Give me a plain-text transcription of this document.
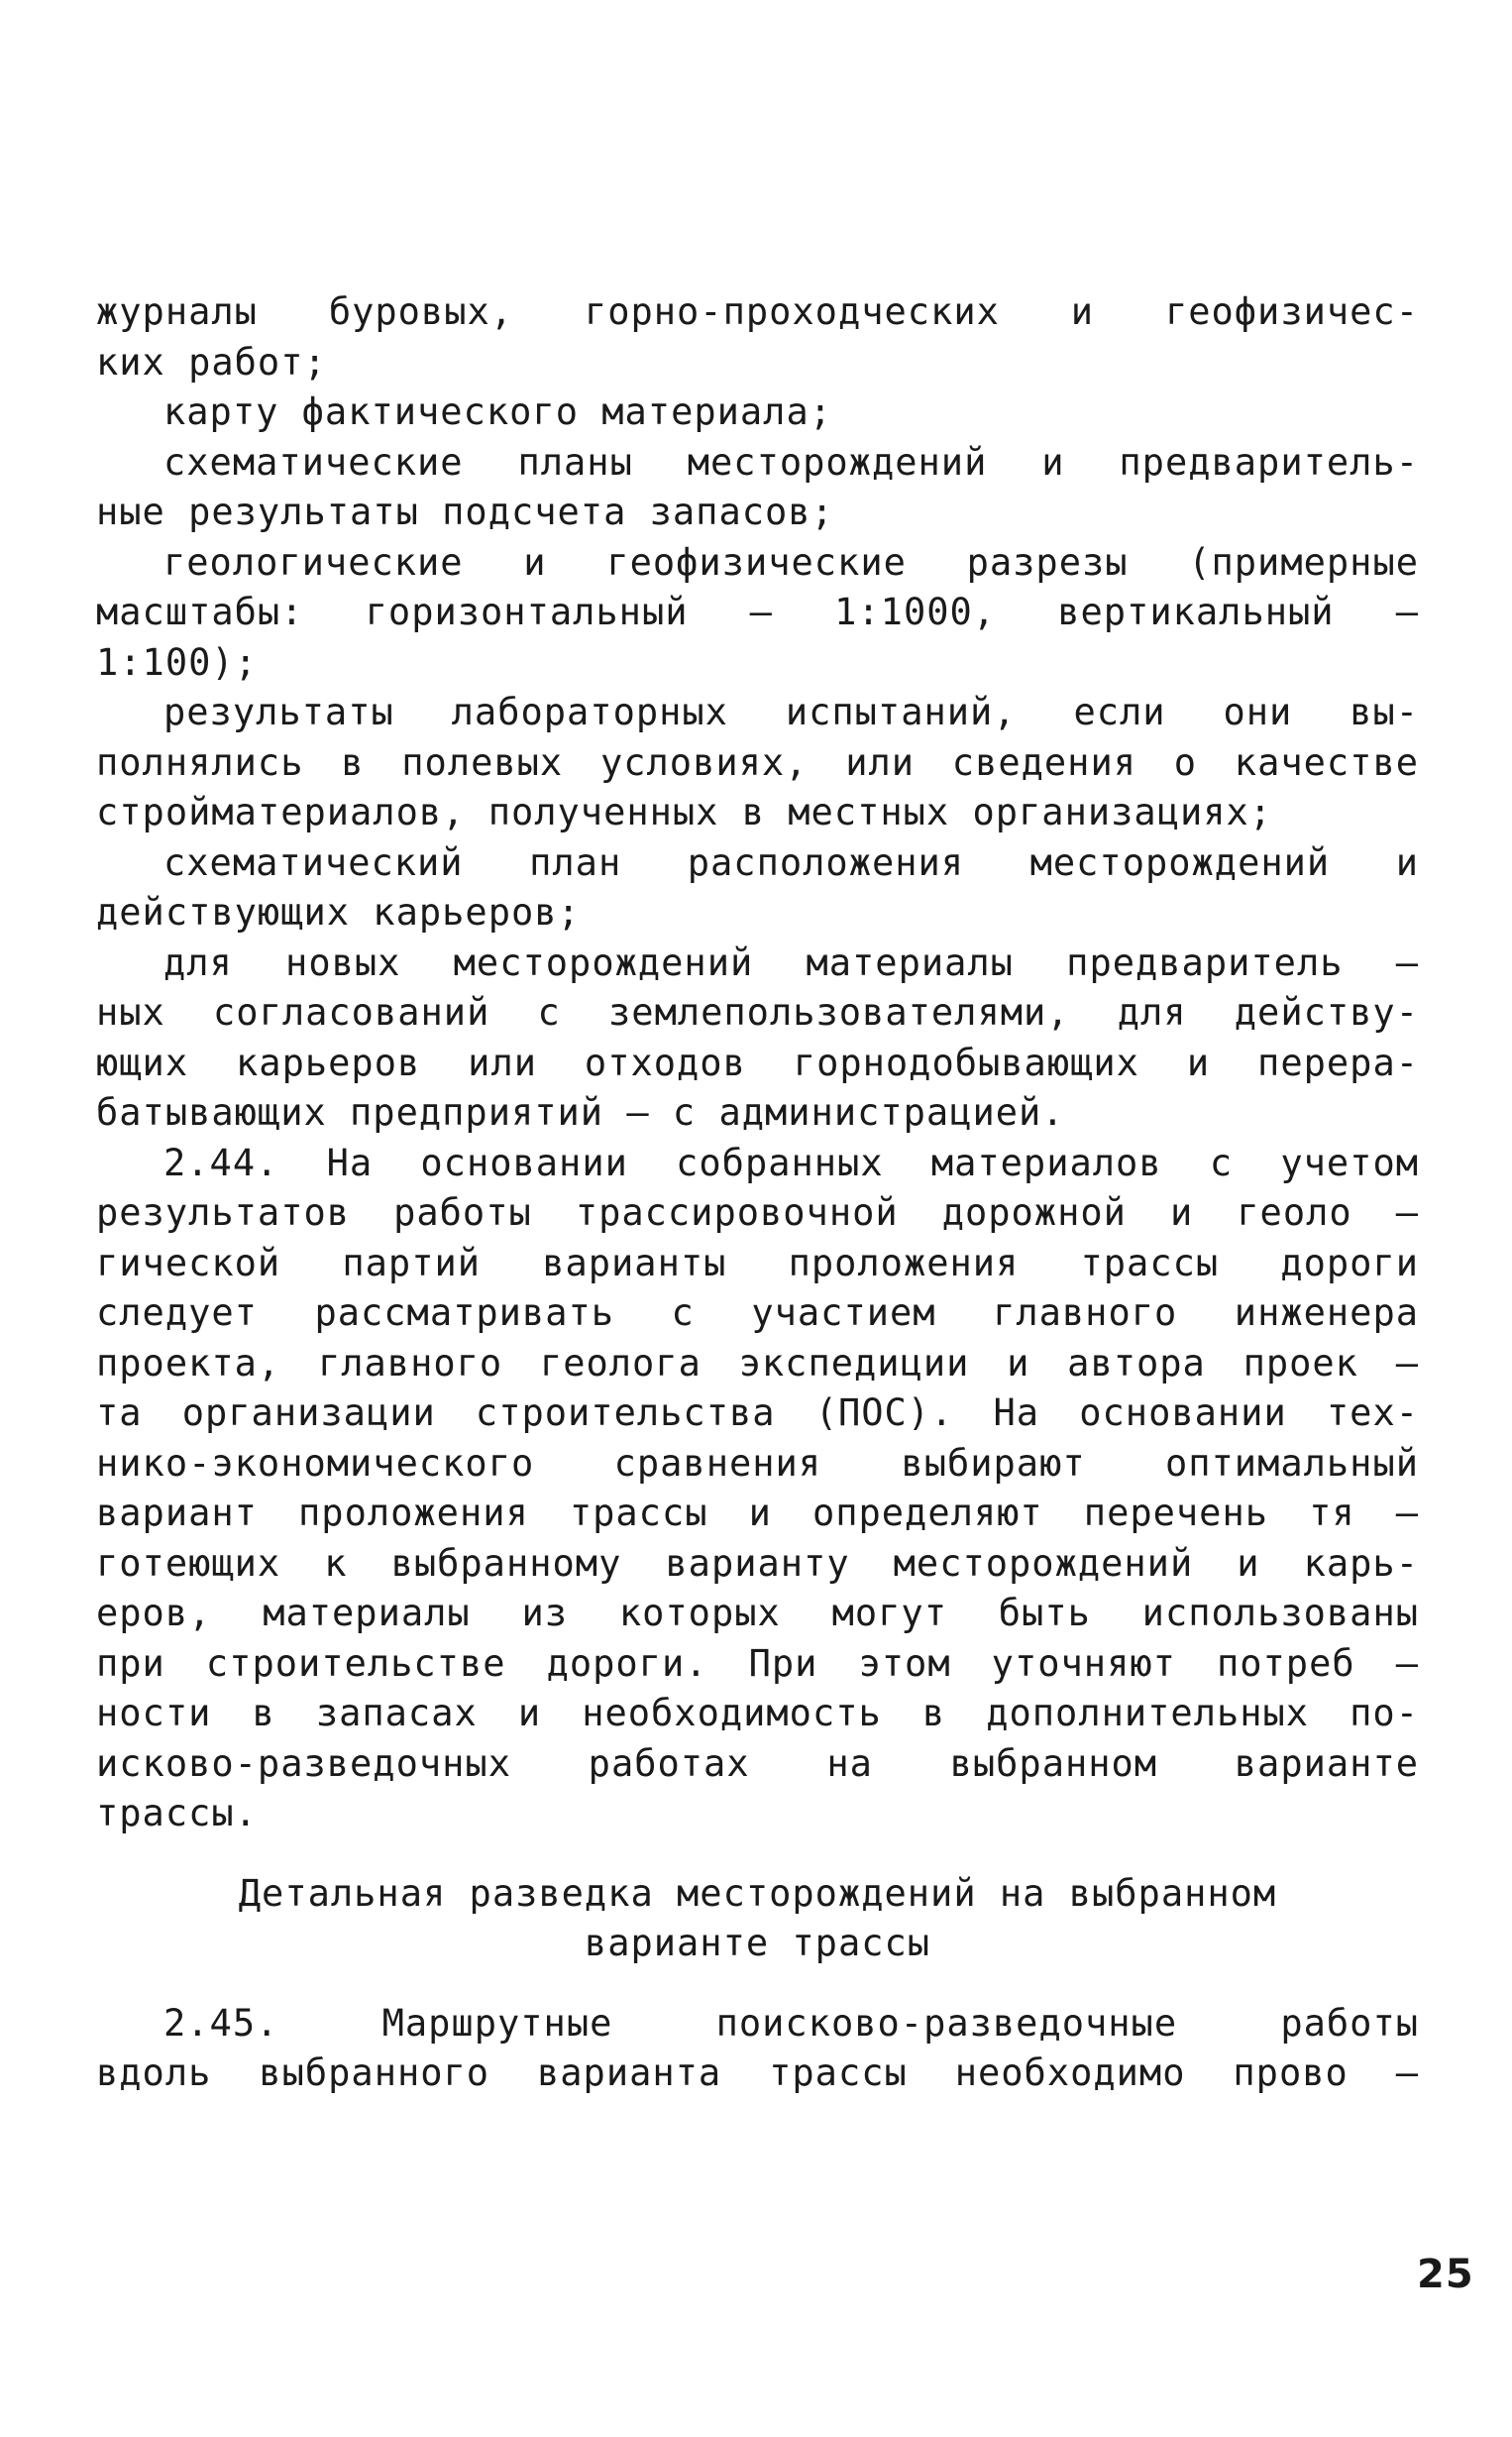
журналы буровых, горно-проходческих и геофизичес-
ких работ;
карту фактического материала;
схематические планы месторождений и предваритель-
ные результаты подсчета запасов;
геологические и геофизические разрезы (примерные
масштабы: горизонтальный – 1:1000, вертикальный –
1:100);
результаты лабораторных испытаний, если они вы-
полнялись в полевых условиях, или сведения о качестве
стройматериалов, полученных в местных организациях;
схематический план расположения месторождений и
действующих карьеров;
для новых месторождений материалы предваритель –
ных согласований с землепользователями, для действу-
ющих карьеров или отходов горнодобывающих и перера-
батывающих предприятий – с администрацией.
2.44. На основании собранных материалов с учетом
результатов работы трассировочной дорожной и геоло –
гической партий варианты проложения трассы дороги
следует рассматривать с участием главного инженера
проекта, главного геолога экспедиции и автора проек –
та организации строительства (ПОС). На основании тех-
нико-экономического сравнения выбирают оптимальный
вариант проложения трассы и определяют перечень тя –
готеющих к выбранному варианту месторождений и карь-
еров, материалы из которых могут быть использованы
при строительстве дороги. При этом уточняют потреб –
ности в запасах и необходимость в дополнительных по-
исково-разведочных работах на выбранном варианте
трассы.
Детальная разведка месторождений на выбранном
варианте трассы
2.45. Маршрутные поисково-разведочные работы
вдоль выбранного варианта трассы необходимо прово –
25
